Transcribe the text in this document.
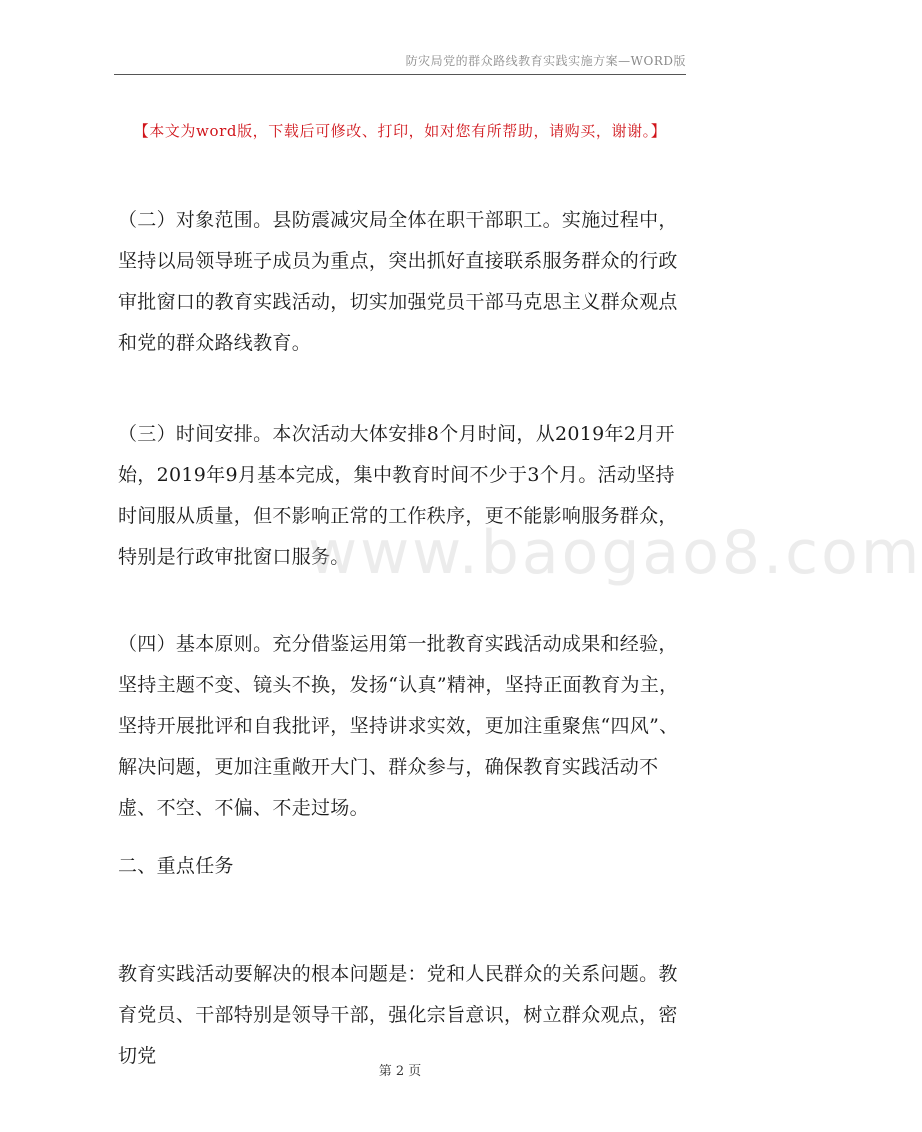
防灾局党的群众路线教育实践实施方案—WORD版
【本文为word版，下载后可修改、打印，如对您有所帮助，请购买，谢谢。】

（二）对象范围。县防震减灾局全体在职干部职工。实施过程中，坚持以局领导班子成员为重点，突出抓好直接联系服务群众的行政审批窗口的教育实践活动，切实加强党员干部马克思主义群众观点和党的群众路线教育。

（三）时间安排。本次活动大体安排8个月时间，从2019年2月开始，2019年9月基本完成，集中教育时间不少于3个月。活动坚持时间服从质量，但不影响正常的工作秩序，更不能影响服务群众，特别是行政审批窗口服务。

（四）基本原则。充分借鉴运用第一批教育实践活动成果和经验，坚持主题不变、镜头不换，发扬“认真”精神，坚持正面教育为主，坚持开展批评和自我批评，坚持讲求实效，更加注重聚焦“四风”、解决问题，更加注重敞开大门、群众参与，确保教育实践活动不虚、不空、不偏、不走过场。

二、重点任务

教育实践活动要解决的根本问题是：党和人民群众的关系问题。教育党员、干部特别是领导干部，强化宗旨意识，树立群众观点，密切党

www.baogao8.com
第 2 页
